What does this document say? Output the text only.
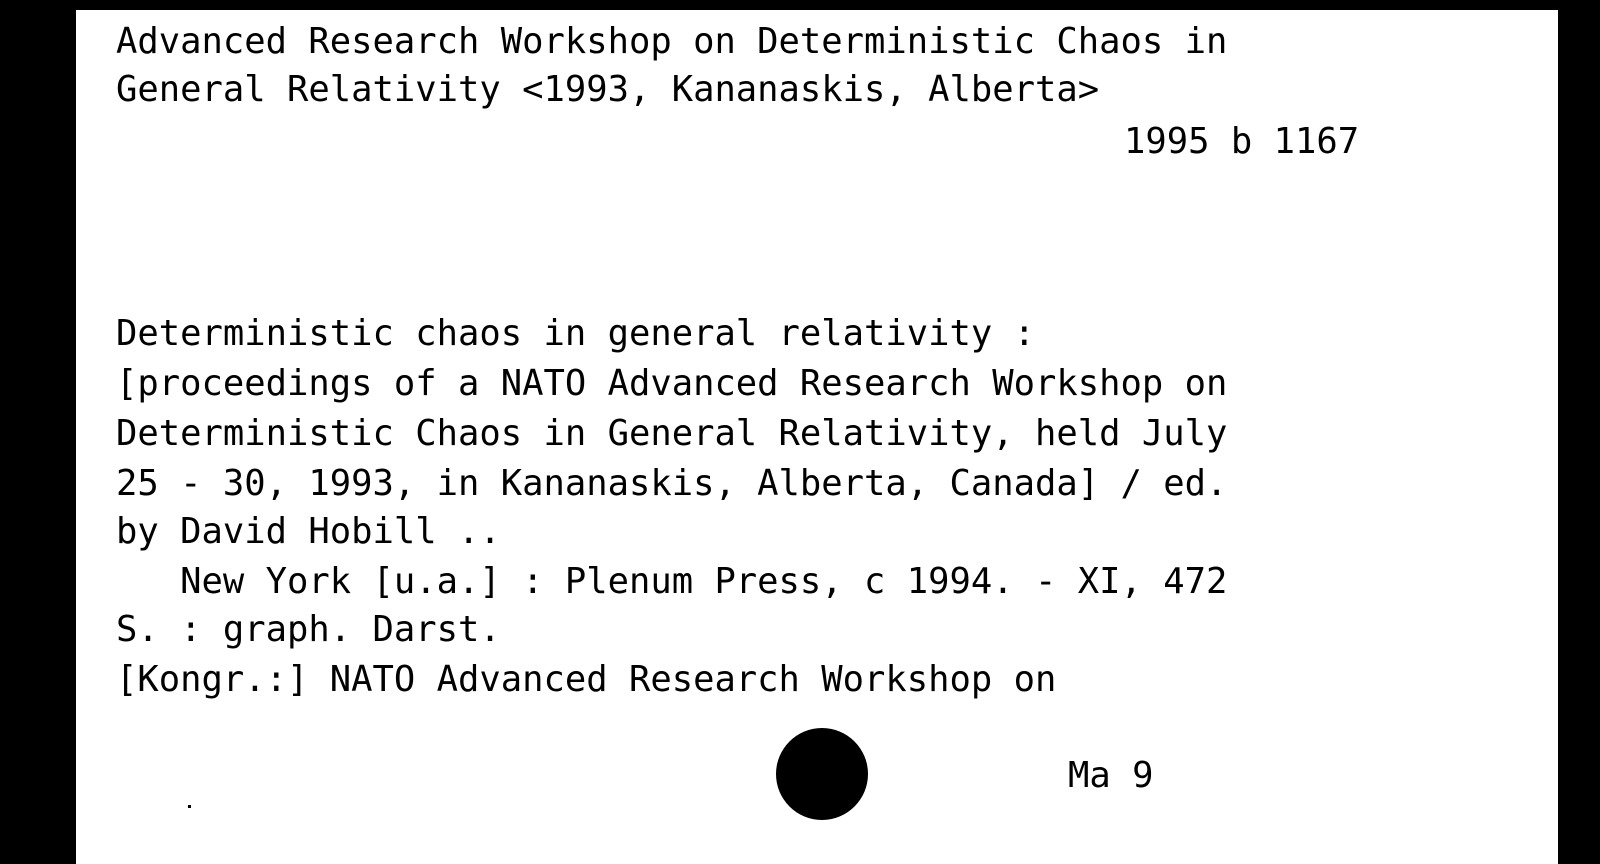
Advanced Research Workshop on Deterministic Chaos in

General Relativity <1993, Kananaskis, Alberta>

1995 b 1167

Deterministic chaos in general relativity :

[proceedings of a NATO Advanced Research Workshop on

Deterministic Chaos in General Relativity, held July

25 - 30, 1993, in Kananaskis, Alberta, Canada] / ed.

by David Hobill ..

New York [u.a.] : Plenum Press, c 1994. - XI, 472

S. : graph. Darst.

[Kongr.:] NATO Advanced Research Workshop on

Ma 9
